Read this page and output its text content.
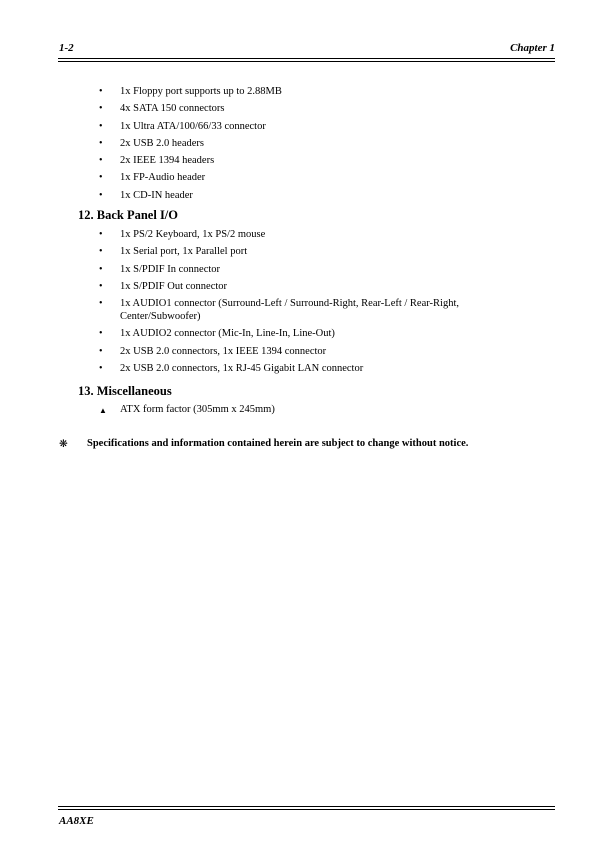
1-2	Chapter 1
• 1x Floppy port supports up to 2.88MB
• 4x SATA 150 connectors
• 1x Ultra ATA/100/66/33 connector
• 2x USB 2.0 headers
• 2x IEEE 1394 headers
• 1x FP-Audio header
• 1x CD-IN header
12. Back Panel I/O
• 1x PS/2 Keyboard, 1x PS/2 mouse
• 1x Serial port, 1x Parallel port
• 1x S/PDIF In connector
• 1x S/PDIF Out connector
• 1x AUDIO1 connector (Surround-Left / Surround-Right, Rear-Left / Rear-Right, Center/Subwoofer)
• 1x AUDIO2 connector (Mic-In, Line-In, Line-Out)
• 2x USB 2.0 connectors, 1x IEEE 1394 connector
• 2x USB 2.0 connectors, 1x RJ-45 Gigabit LAN connector
13. Miscellaneous
▲ ATX form factor (305mm x 245mm)
❋ Specifications and information contained herein are subject to change without notice.
AA8XE
